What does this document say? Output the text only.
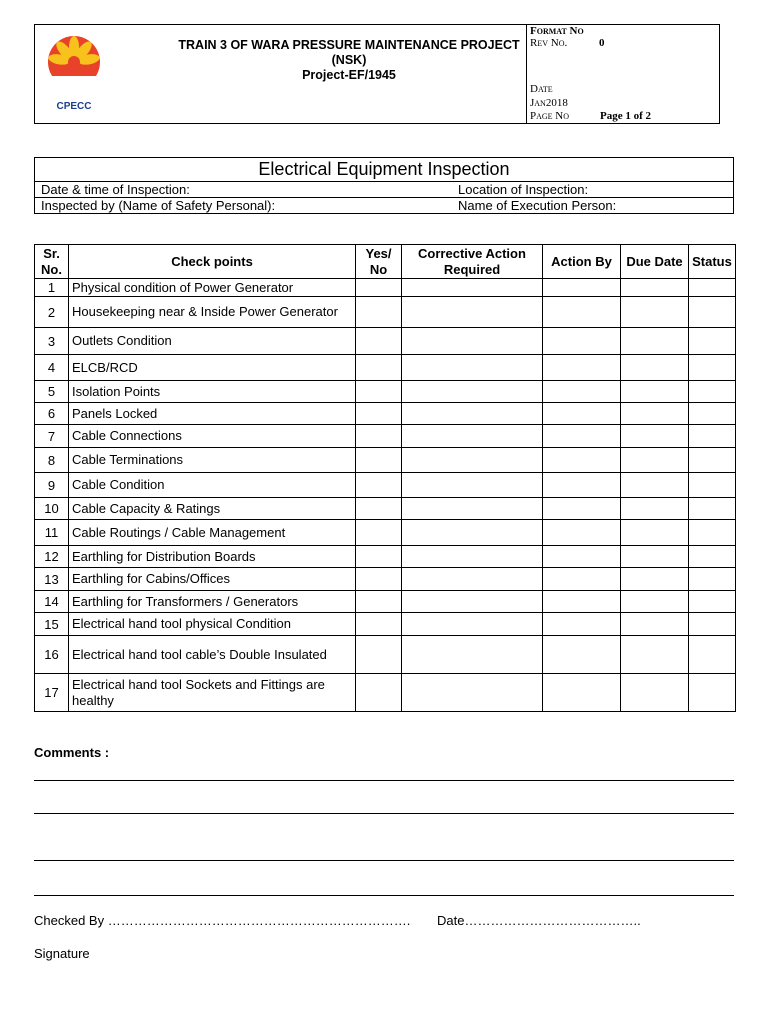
CPECC
TRAIN 3 OF WARA PRESSURE MAINTENANCE PROJECT
(NSK)
Project-EF/1945
Format No
Rev No.	0
Date
Jan2018
Page No	Page 1 of 2
Electrical Equipment Inspection	
Date & time of Inspection:	Location of Inspection:
Inspected by (Name of Safety Personal):	Name of Execution Person:
Sr. No.	Check points	Yes/ No	Corrective Action Required	Action By	Due Date	Status
1	Physical condition of Power Generator					
2	Housekeeping near & Inside Power Generator					
3	Outlets Condition					
4	ELCB/RCD					
5	Isolation Points					
6	Panels Locked					
7	Cable Connections					
8	Cable Terminations					
9	Cable Condition					
10	Cable Capacity & Ratings					
11	Cable Routings / Cable Management					
12	Earthling for Distribution Boards					
13	Earthling for Cabins/Offices					
14	Earthling for Transformers / Generators					
15	Electrical hand tool physical Condition					
16	Electrical hand tool cable’s Double Insulated					
17	Electrical hand tool Sockets and Fittings are healthy					
Comments :
Checked By ……………………………………………………………. Date…………………………………..
Signature
